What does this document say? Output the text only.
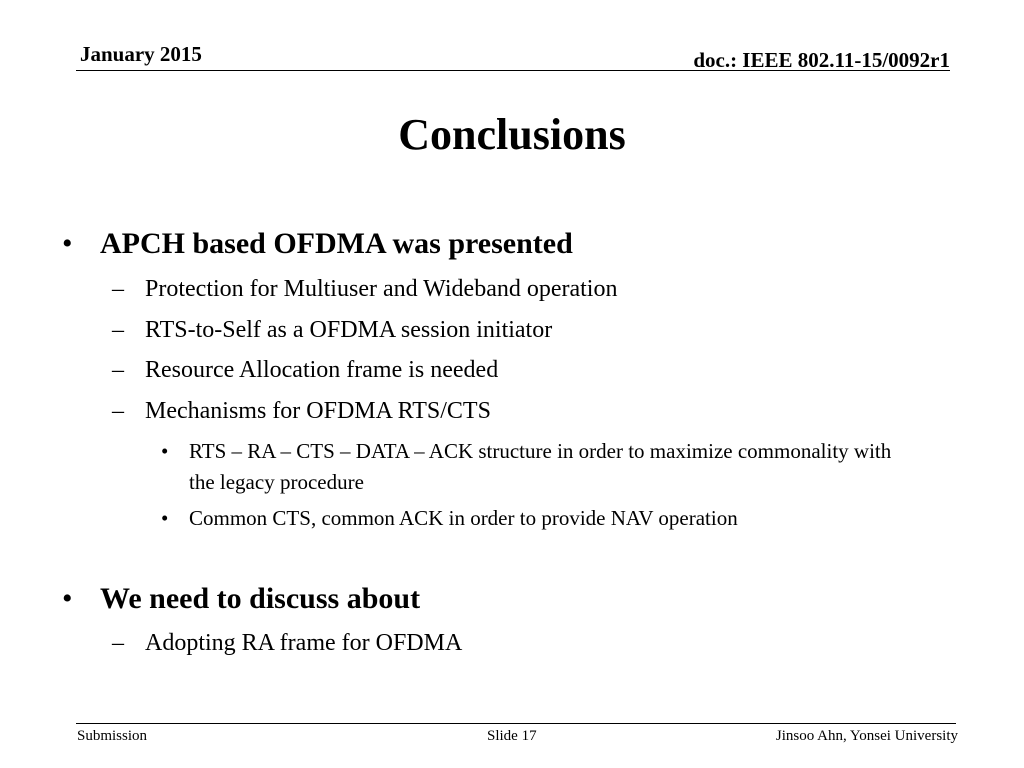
January 2015	doc.: IEEE 802.11-15/0092r1
Conclusions
• APCH based OFDMA was presented
– Protection for Multiuser and Wideband operation
– RTS-to-Self as a OFDMA session initiator
– Resource Allocation frame is needed
– Mechanisms for OFDMA RTS/CTS
• RTS – RA – CTS – DATA – ACK structure in order to maximize commonality with the legacy procedure
• Common CTS, common ACK in order to provide NAV operation
• We need to discuss about
– Adopting RA frame for OFDMA
Submission	Slide 17	Jinsoo Ahn, Yonsei University
